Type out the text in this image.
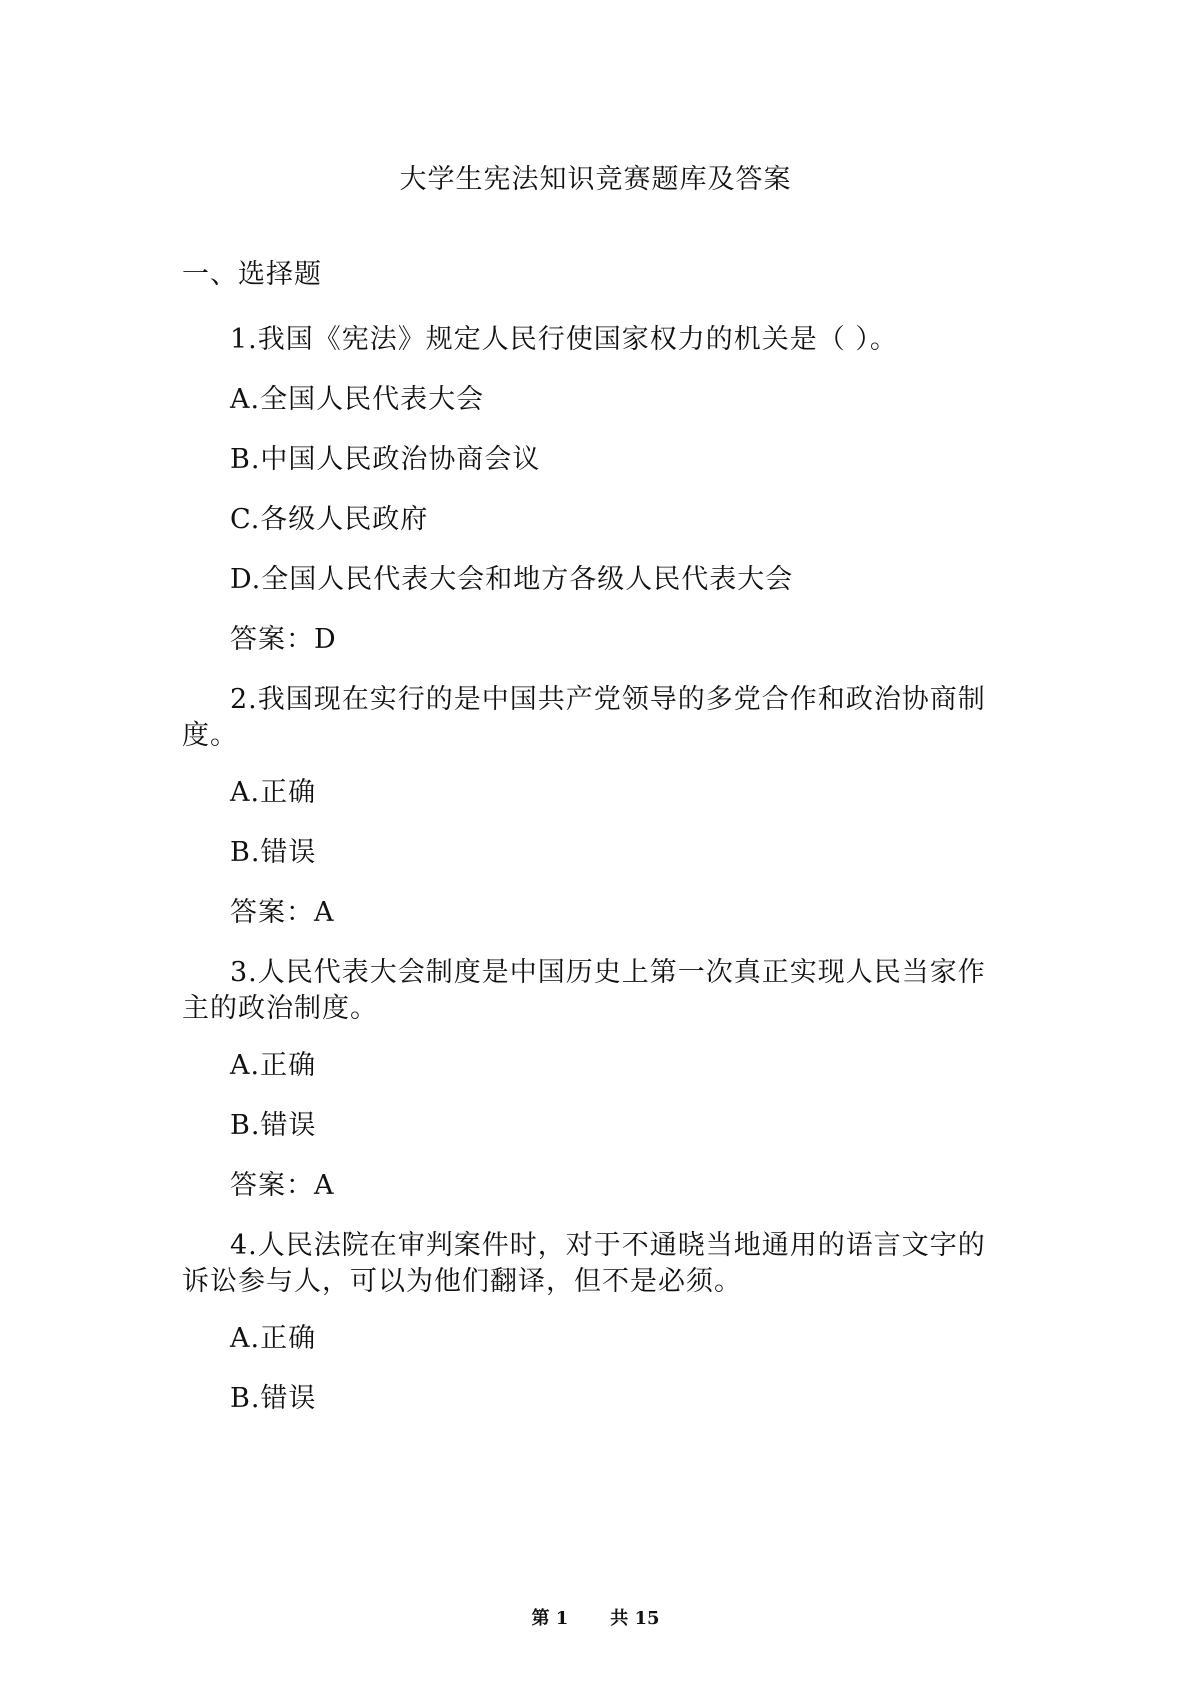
大学生宪法知识竞赛题库及答案
一、选择题
1.我国《宪法》规定人民行使国家权力的机关是（ ）。
A.全国人民代表大会
B.中国人民政治协商会议
C.各级人民政府
D.全国人民代表大会和地方各级人民代表大会
答案：D
2.我国现在实行的是中国共产党领导的多党合作和政治协商制度。
A.正确
B.错误
答案：A
3.人民代表大会制度是中国历史上第一次真正实现人民当家作主的政治制度。
A.正确
B.错误
答案：A
4.人民法院在审判案件时，对于不通晓当地通用的语言文字的诉讼参与人，可以为他们翻译，但不是必须。
A.正确
B.错误
第 1 共 15
